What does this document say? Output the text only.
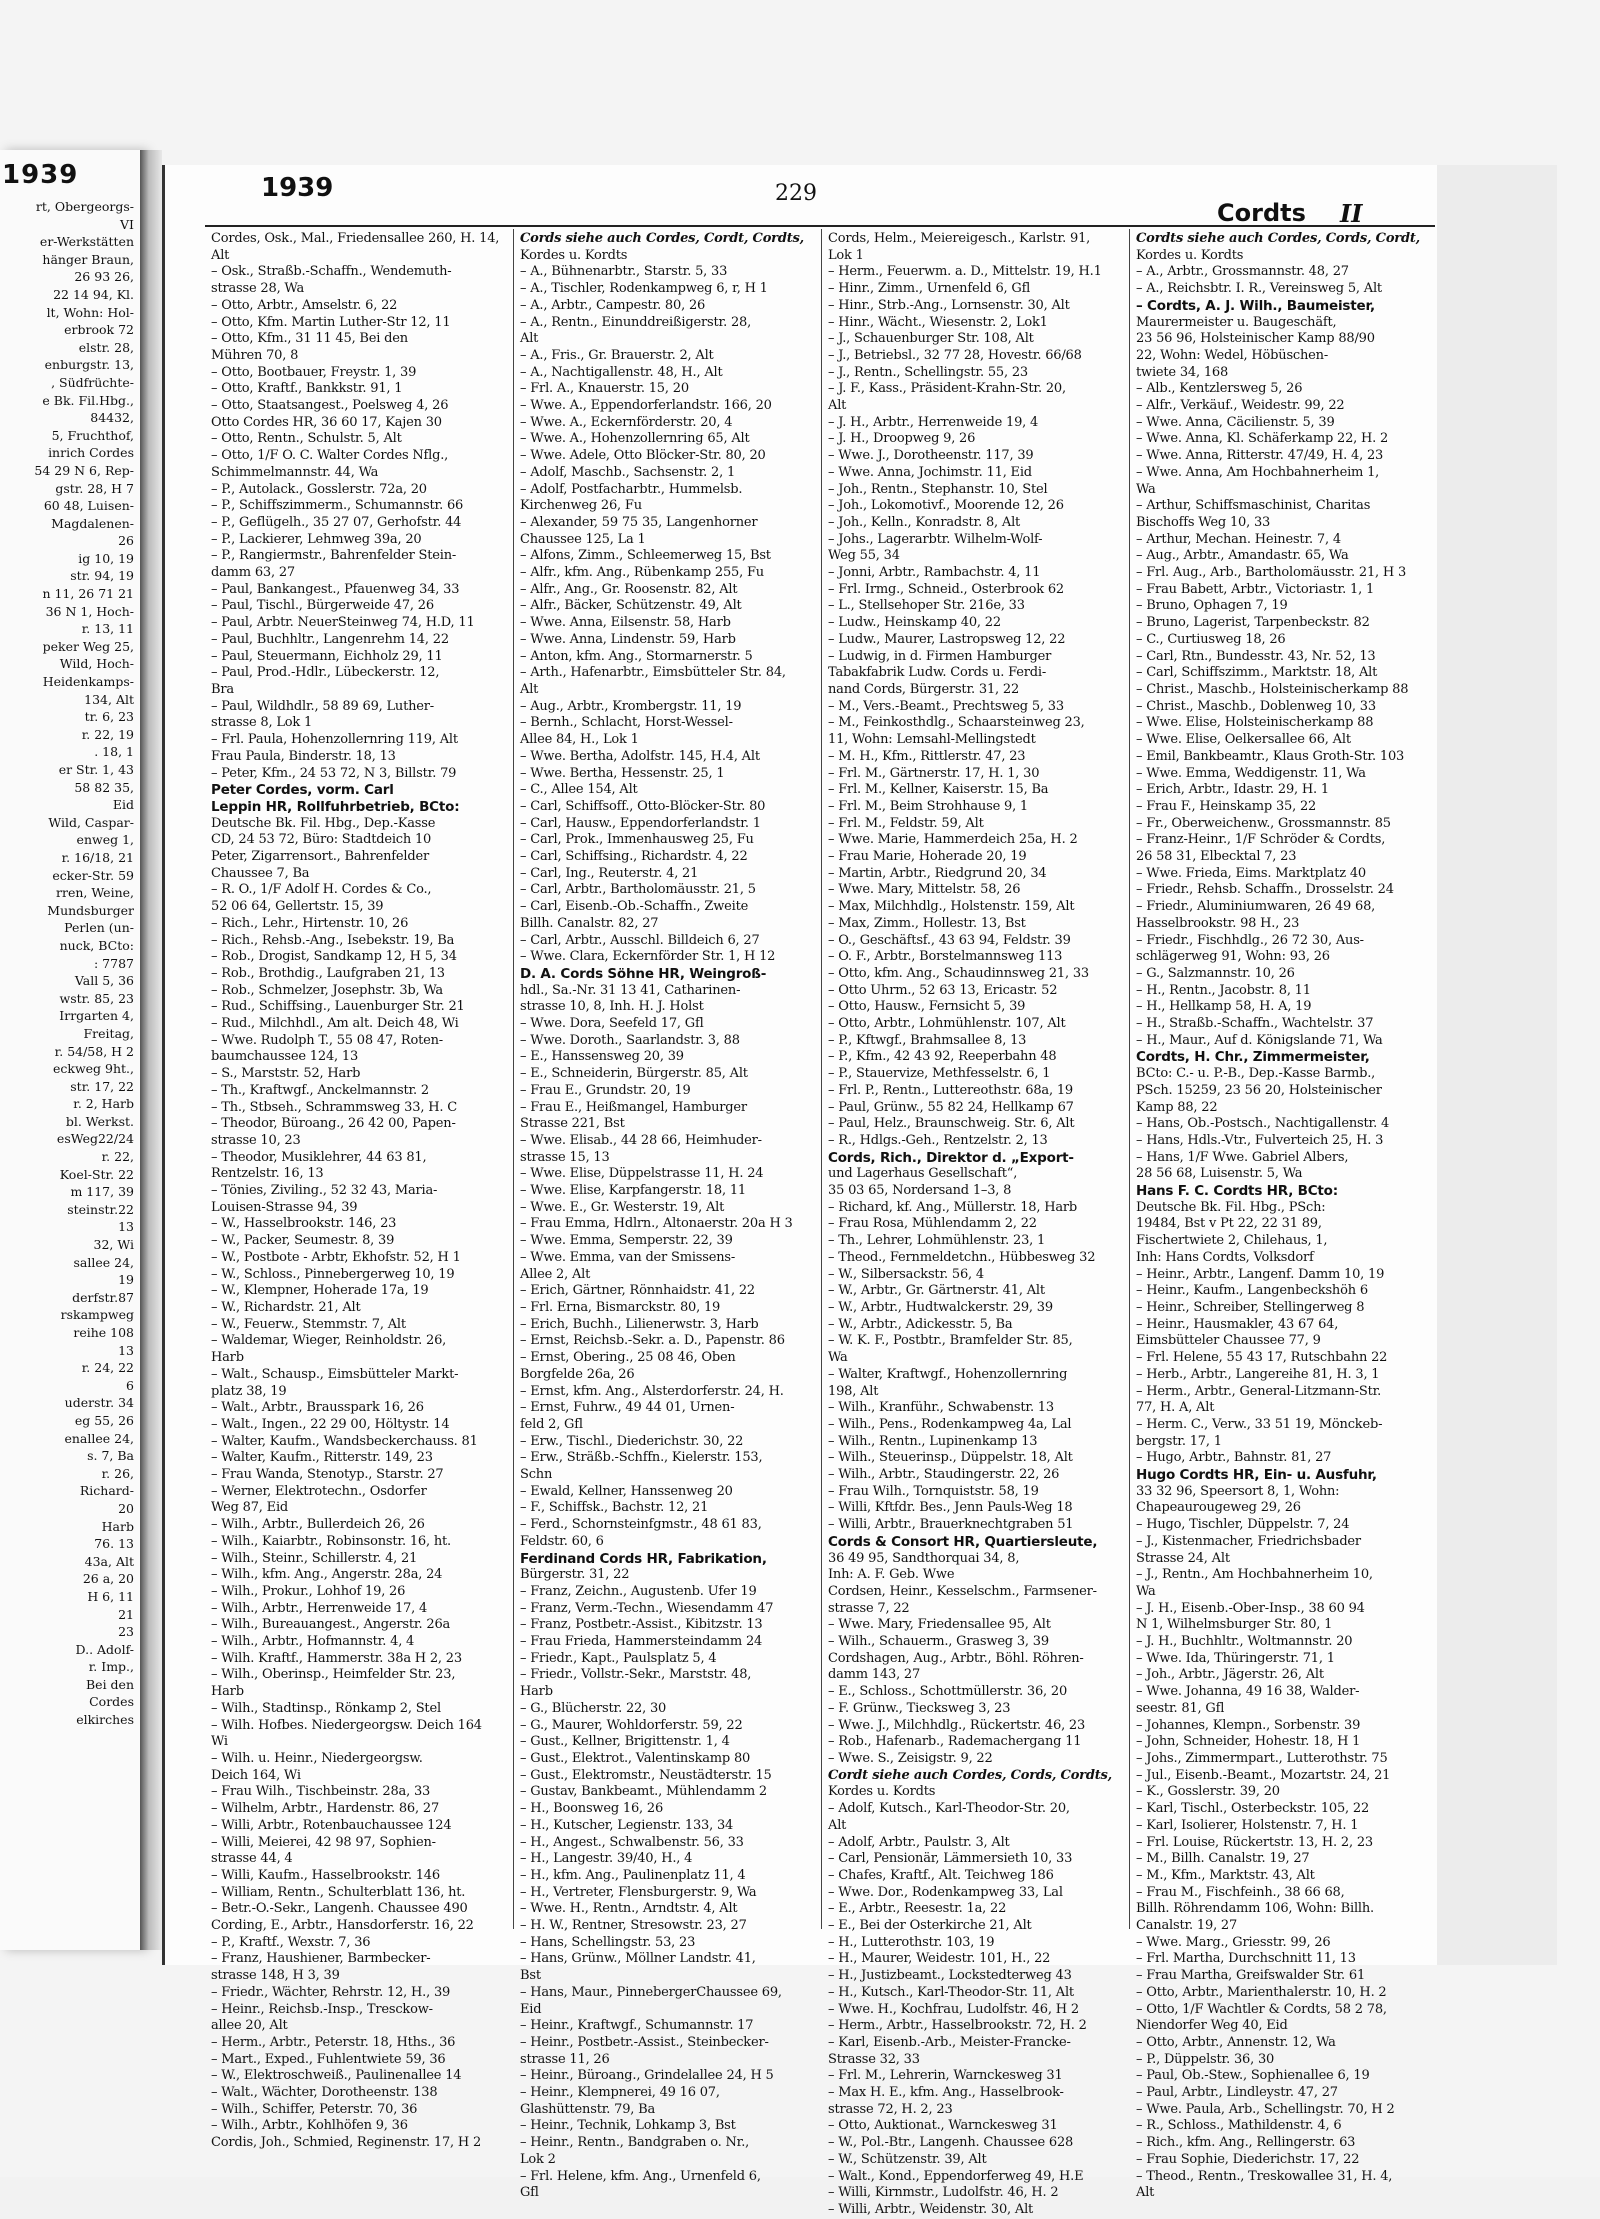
1939
rt, Obergeorgs-
VI
er-Werkstätten
hänger Braun,
26 93 26,
22 14 94, Kl.
lt, Wohn: Hol-
erbrook 72
elstr. 28,
enburgstr. 13,
, Südfrüchte-
e Bk. Fil.Hbg.,
84432,
5, Fruchthof,
inrich Cordes
54 29 N 6, Rep-
gstr. 28, H 7
60 48, Luisen-
Magdalenen-
26
ig 10, 19
str. 94, 19
n 11, 26 71 21
36 N 1, Hoch-
r. 13, 11
peker Weg 25,
Wild, Hoch-
Heidenkamps-
134, Alt
tr. 6, 23
r. 22, 19
. 18, 1
er Str. 1, 43
58 82 35,
Eid
Wild, Caspar-
enweg 1,
r. 16/18, 21
ecker-Str. 59
rren, Weine,
Mundsburger
Perlen (un-
nuck, BCto:
: 7787
Vall 5, 36
wstr. 85, 23
Irrgarten 4,
Freitag,
r. 54/58, H 2
eckweg 9ht.,
str. 17, 22
r. 2, Harb
bl. Werkst.
esWeg22/24
r. 22,
Koel-Str. 22
m 117, 39
steinstr.22
13
32, Wi
sallee 24,
19
derfstr.87
rskampweg
reihe 108
13
r. 24, 22
6
uderstr. 34
eg 55, 26
enallee 24,
s. 7, Ba
r. 26,
Richard-
20
Harb
76. 13
43a, Alt
26 a, 20
H 6, 11
21
23
D.. Adolf-
r. Imp.,
Bei den
Cordes
elkirches
1939	229
Cordts II
Cordes, Osk., Mal., Friedensallee 260, H. 14,
Alt
– Osk., Straßb.-Schaffn., Wendemuth-
strasse 28, Wa
– Otto, Arbtr., Amselstr. 6, 22
– Otto, Kfm. Martin Luther-Str 12, 11
– Otto, Kfm., 31 11 45, Bei den
Mühren 70, 8
– Otto, Bootbauer, Freystr. 1, 39
– Otto, Kraftf., Bankkstr. 91, 1
– Otto, Staatsangest., Poelsweg 4, 26
Otto Cordes HR, 36 60 17, Kajen 30
– Otto, Rentn., Schulstr. 5, Alt
– Otto, 1/F O. C. Walter Cordes Nflg.,
Schimmelmannstr. 44, Wa
– P., Autolack., Gosslerstr. 72a, 20
– P., Schiffszimmerm., Schumannstr. 66
– P., Geflügelh., 35 27 07, Gerhofstr. 44
– P., Lackierer, Lehmweg 39a, 20
– P., Rangiermstr., Bahrenfelder Stein-
damm 63, 27
– Paul, Bankangest., Pfauenweg 34, 33
– Paul, Tischl., Bürgerweide 47, 26
– Paul, Arbtr. NeuerSteinweg 74, H.D, 11
– Paul, Buchhltr., Langenrehm 14, 22
– Paul, Steuermann, Eichholz 29, 11
– Paul, Prod.-Hdlr., Lübeckerstr. 12,
Bra
– Paul, Wildhdlr., 58 89 69, Luther-
strasse 8, Lok 1
– Frl. Paula, Hohenzollernring 119, Alt
Frau Paula, Binderstr. 18, 13
– Peter, Kfm., 24 53 72, N 3, Billstr. 79
Peter Cordes, vorm. Carl
Leppin HR, Rollfuhrbetrieb, BCto:
Deutsche Bk. Fil. Hbg., Dep.-Kasse
CD, 24 53 72, Büro: Stadtdeich 10
Peter, Zigarrensort., Bahrenfelder
Chaussee 7, Ba
– R. O., 1/F Adolf H. Cordes & Co.,
52 06 64, Gellertstr. 15, 39
– Rich., Lehr., Hirtenstr. 10, 26
– Rich., Rehsb.-Ang., Isebekstr. 19, Ba
– Rob., Drogist, Sandkamp 12, H 5, 34
– Rob., Brothdig., Laufgraben 21, 13
– Rob., Schmelzer, Josephstr. 3b, Wa
– Rud., Schiffsing., Lauenburger Str. 21
– Rud., Milchhdl., Am alt. Deich 48, Wi
– Wwe. Rudolph T., 55 08 47, Roten-
baumchaussee 124, 13
– S., Marststr. 52, Harb
– Th., Kraftwgf., Anckelmannstr. 2
– Th., Stbseh., Schrammsweg 33, H. C
– Theodor, Büroang., 26 42 00, Papen-
strasse 10, 23
– Theodor, Musiklehrer, 44 63 81,
Rentzelstr. 16, 13
– Tönies, Ziviling., 52 32 43, Maria-
Louisen-Strasse 94, 39
– W., Hasselbrookstr. 146, 23
– W., Packer, Seumestr. 8, 39
– W., Postbote - Arbtr, Ekhofstr. 52, H 1
– W., Schloss., Pinnebergerweg 10, 19
– W., Klempner, Hoherade 17a, 19
– W., Richardstr. 21, Alt
– W., Feuerw., Stemmstr. 7, Alt
– Waldemar, Wieger, Reinholdstr. 26,
Harb
– Walt., Schausp., Eimsbütteler Markt-
platz 38, 19
– Walt., Arbtr., Brausspark 16, 26
– Walt., Ingen., 22 29 00, Höltystr. 14
– Walter, Kaufm., Wandsbeckerchauss. 81
– Walter, Kaufm., Ritterstr. 149, 23
– Frau Wanda, Stenotyp., Starstr. 27
– Werner, Elektrotechn., Osdorfer
Weg 87, Eid
– Wilh., Arbtr., Bullerdeich 26, 26
– Wilh., Kaiarbtr., Robinsonstr. 16, ht.
– Wilh., Steinr., Schillerstr. 4, 21
– Wilh., kfm. Ang., Angerstr. 28a, 24
– Wilh., Prokur., Lohhof 19, 26
– Wilh., Arbtr., Herrenweide 17, 4
– Wilh., Bureauangest., Angerstr. 26a
– Wilh., Arbtr., Hofmannstr. 4, 4
– Wilh. Kraftf., Hammerstr. 38a H 2, 23
– Wilh., Oberinsp., Heimfelder Str. 23,
Harb
– Wilh., Stadtinsp., Rönkamp 2, Stel
– Wilh. Hofbes. Niedergeorgsw. Deich 164
Wi
– Wilh. u. Heinr., Niedergeorgsw.
Deich 164, Wi
– Frau Wilh., Tischbeinstr. 28a, 33
– Wilhelm, Arbtr., Hardenstr. 86, 27
– Willi, Arbtr., Rotenbauchaussee 124
– Willi, Meierei, 42 98 97, Sophien-
strasse 44, 4
– Willi, Kaufm., Hasselbrookstr. 146
– William, Rentn., Schulterblatt 136, ht.
– Betr.-O.-Sekr., Langenh. Chaussee 490
Cording, E., Arbtr., Hansdorferstr. 16, 22
– P., Kraftf., Wexstr. 7, 36
– Franz, Haushiener, Barmbecker-
strasse 148, H 3, 39
– Friedr., Wächter, Rehrstr. 12, H., 39
– Heinr., Reichsb.-Insp., Tresckow-
allee 20, Alt
– Herm., Arbtr., Peterstr. 18, Hths., 36
– Mart., Exped., Fuhlentwiete 59, 36
– W., Elektroschweiß., Paulinenallee 14
– Walt., Wächter, Dorotheenstr. 138
– Wilh., Schiffer, Peterstr. 70, 36
– Wilh., Arbtr., Kohlhöfen 9, 36
Cordis, Joh., Schmied, Reginenstr. 17, H 2
Cords siehe auch Cordes, Cordt, Cordts,
Kordes u. Kordts
– A., Bühnenarbtr., Starstr. 5, 33
– A., Tischler, Rodenkampweg 6, r, H 1
– A., Arbtr., Campestr. 80, 26
– A., Rentn., Einunddreißigerstr. 28,
Alt
– A., Fris., Gr. Brauerstr. 2, Alt
– A., Nachtigallenstr. 48, H., Alt
– Frl. A., Knauerstr. 15, 20
– Wwe. A., Eppendorferlandstr. 166, 20
– Wwe. A., Eckernförderstr. 20, 4
– Wwe. A., Hohenzollernring 65, Alt
– Wwe. Adele, Otto Blöcker-Str. 80, 20
– Adolf, Maschb., Sachsenstr. 2, 1
– Adolf, Postfacharbtr., Hummelsb.
Kirchenweg 26, Fu
– Alexander, 59 75 35, Langenhorner
Chaussee 125, La 1
– Alfons, Zimm., Schleemerweg 15, Bst
– Alfr., kfm. Ang., Rübenkamp 255, Fu
– Alfr., Ang., Gr. Roosenstr. 82, Alt
– Alfr., Bäcker, Schützenstr. 49, Alt
– Wwe. Anna, Eilsenstr. 58, Harb
– Wwe. Anna, Lindenstr. 59, Harb
– Anton, kfm. Ang., Stormarnerstr. 5
– Arth., Hafenarbtr., Eimsbütteler Str. 84,
Alt
– Aug., Arbtr., Krombergstr. 11, 19
– Bernh., Schlacht, Horst-Wessel-
Allee 84, H., Lok 1
– Wwe. Bertha, Adolfstr. 145, H.4, Alt
– Wwe. Bertha, Hessenstr. 25, 1
– C., Allee 154, Alt
– Carl, Schiffsoff., Otto-Blöcker-Str. 80
– Carl, Hausw., Eppendorferlandstr. 1
– Carl, Prok., Immenhausweg 25, Fu
– Carl, Schiffsing., Richardstr. 4, 22
– Carl, Ing., Reuterstr. 4, 21
– Carl, Arbtr., Bartholomäusstr. 21, 5
– Carl, Eisenb.-Ob.-Schaffn., Zweite
Billh. Canalstr. 82, 27
– Carl, Arbtr., Ausschl. Billdeich 6, 27
– Wwe. Clara, Eckernförder Str. 1, H 12
D. A. Cords Söhne HR, Weingroß-
hdl., Sa.-Nr. 31 13 41, Catharinen-
strasse 10, 8, Inh. H. J. Holst
– Wwe. Dora, Seefeld 17, Gfl
– Wwe. Doroth., Saarlandstr. 3, 88
– E., Hanssensweg 20, 39
– E., Schneiderin, Bürgerstr. 85, Alt
– Frau E., Grundstr. 20, 19
– Frau E., Heißmangel, Hamburger
Strasse 221, Bst
– Wwe. Elisab., 44 28 66, Heimhuder-
strasse 15, 13
– Wwe. Elise, Düppelstrasse 11, H. 24
– Wwe. Elise, Karpfangerstr. 18, 11
– Wwe. E., Gr. Westerstr. 19, Alt
– Frau Emma, Hdlrn., Altonaerstr. 20a H 3
– Wwe. Emma, Semperstr. 22, 39
– Wwe. Emma, van der Smissens-
Allee 2, Alt
– Erich, Gärtner, Rönnhaidstr. 41, 22
– Frl. Erna, Bismarckstr. 80, 19
– Erich, Buchh., Lilienerwstr. 3, Harb
– Ernst, Reichsb.-Sekr. a. D., Papenstr. 86
– Ernst, Obering., 25 08 46, Oben
Borgfelde 26a, 26
– Ernst, kfm. Ang., Alsterdorferstr. 24, H.
– Ernst, Fuhrw., 49 44 01, Urnen-
feld 2, Gfl
– Erw., Tischl., Diederichstr. 30, 22
– Erw., Sträßb.-Schffn., Kielerstr. 153,
Schn
– Ewald, Kellner, Hanssenweg 20
– F., Schiffsk., Bachstr. 12, 21
– Ferd., Schornsteinfgmstr., 48 61 83,
Feldstr. 60, 6
Ferdinand Cords HR, Fabrikation,
Bürgerstr. 31, 22
– Franz, Zeichn., Augustenb. Ufer 19
– Franz, Verm.-Techn., Wiesendamm 47
– Franz, Postbetr.-Assist., Kibitzstr. 13
– Frau Frieda, Hammersteindamm 24
– Friedr., Kapt., Paulsplatz 5, 4
– Friedr., Vollstr.-Sekr., Marststr. 48,
Harb
– G., Blücherstr. 22, 30
– G., Maurer, Wohldorferstr. 59, 22
– Gust., Kellner, Brigittenstr. 1, 4
– Gust., Elektrot., Valentinskamp 80
– Gust., Elektromstr., Neustädterstr. 15
– Gustav, Bankbeamt., Mühlendamm 2
– H., Boonsweg 16, 26
– H., Kutscher, Legienstr. 133, 34
– H., Angest., Schwalbenstr. 56, 33
– H., Langestr. 39/40, H., 4
– H., kfm. Ang., Paulinenplatz 11, 4
– H., Vertreter, Flensburgerstr. 9, Wa
– Wwe. H., Rentn., Arndtstr. 4, Alt
– H. W., Rentner, Stresowstr. 23, 27
– Hans, Schellingstr. 53, 23
– Hans, Grünw., Möllner Landstr. 41,
Bst
– Hans, Maur., PinnebergerChaussee 69,
Eid
– Heinr., Kraftwgf., Schumannstr. 17
– Heinr., Postbetr.-Assist., Steinbecker-
strasse 11, 26
– Heinr., Büroang., Grindelallee 24, H 5
– Heinr., Klempnerei, 49 16 07,
Glashüttenstr. 79, Ba
– Heinr., Technik, Lohkamp 3, Bst
– Heinr., Rentn., Bandgraben o. Nr.,
Lok 2
– Frl. Helene, kfm. Ang., Urnenfeld 6,
Gfl
Cords, Helm., Meiereigesch., Karlstr. 91,
Lok 1
– Herm., Feuerwm. a. D., Mittelstr. 19, H.1
– Hinr., Zimm., Urnenfeld 6, Gfl
– Hinr., Strb.-Ang., Lornsenstr. 30, Alt
– Hinr., Wächt., Wiesenstr. 2, Lok1
– J., Schauenburger Str. 108, Alt
– J., Betriebsl., 32 77 28, Hovestr. 66/68
– J., Rentn., Schellingstr. 55, 23
– J. F., Kass., Präsident-Krahn-Str. 20,
Alt
– J. H., Arbtr., Herrenweide 19, 4
– J. H., Droopweg 9, 26
– Wwe. J., Dorotheenstr. 117, 39
– Wwe. Anna, Jochimstr. 11, Eid
– Joh., Rentn., Stephanstr. 10, Stel
– Joh., Lokomotivf., Moorende 12, 26
– Joh., Kelln., Konradstr. 8, Alt
– Johs., Lagerarbtr. Wilhelm-Wolf-
Weg 55, 34
– Jonni, Arbtr., Rambachstr. 4, 11
– Frl. Irmg., Schneid., Osterbrook 62
– L., Stellsehoper Str. 216e, 33
– Ludw., Heinskamp 40, 22
– Ludw., Maurer, Lastropsweg 12, 22
– Ludwig, in d. Firmen Hamburger
Tabakfabrik Ludw. Cords u. Ferdi-
nand Cords, Bürgerstr. 31, 22
– M., Vers.-Beamt., Prechtsweg 5, 33
– M., Feinkosthdlg., Schaarsteinweg 23,
11, Wohn: Lemsahl-Mellingstedt
– M. H., Kfm., Rittlerstr. 47, 23
– Frl. M., Gärtnerstr. 17, H. 1, 30
– Frl. M., Kellner, Kaiserstr. 15, Ba
– Frl. M., Beim Strohhause 9, 1
– Frl. M., Feldstr. 59, Alt
– Wwe. Marie, Hammerdeich 25a, H. 2
– Frau Marie, Hoherade 20, 19
– Martin, Arbtr., Riedgrund 20, 34
– Wwe. Mary, Mittelstr. 58, 26
– Max, Milchhdlg., Holstenstr. 159, Alt
– Max, Zimm., Hollestr. 13, Bst
– O., Geschäftsf., 43 63 94, Feldstr. 39
– O. F., Arbtr., Borstelmannsweg 113
– Otto, kfm. Ang., Schaudinnsweg 21, 33
– Otto Uhrm., 52 63 13, Ericastr. 52
– Otto, Hausw., Fernsicht 5, 39
– Otto, Arbtr., Lohmühlenstr. 107, Alt
– P., Kftwgf., Brahmsallee 8, 13
– P., Kfm., 42 43 92, Reeperbahn 48
– P., Stauervize, Methfesselstr. 6, 1
– Frl. P., Rentn., Luttereothstr. 68a, 19
– Paul, Grünw., 55 82 24, Hellkamp 67
– Paul, Helz., Braunschweig. Str. 6, Alt
– R., Hdlgs.-Geh., Rentzelstr. 2, 13
Cords, Rich., Direktor d. „Export-
und Lagerhaus Gesellschaft“,
35 03 65, Nordersand 1–3, 8
– Richard, kf. Ang., Müllerstr. 18, Harb
– Frau Rosa, Mühlendamm 2, 22
– Th., Lehrer, Lohmühlenstr. 23, 1
– Theod., Fernmeldetchn., Hübbesweg 32
– W., Silbersackstr. 56, 4
– W., Arbtr., Gr. Gärtnerstr. 41, Alt
– W., Arbtr., Hudtwalckerstr. 29, 39
– W., Arbtr., Adickesstr. 5, Ba
– W. K. F., Postbtr., Bramfelder Str. 85,
Wa
– Walter, Kraftwgf., Hohenzollernring
198, Alt
– Wilh., Kranführ., Schwabenstr. 13
– Wilh., Pens., Rodenkampweg 4a, Lal
– Wilh., Rentn., Lupinenkamp 13
– Wilh., Steuerinsp., Düppelstr. 18, Alt
– Wilh., Arbtr., Staudingerstr. 22, 26
– Frau Wilh., Tornquiststr. 58, 19
– Willi, Kftfdr. Bes., Jenn Pauls-Weg 18
– Willi, Arbtr., Brauerknechtgraben 51
Cords & Consort HR, Quartiersleute,
36 49 95, Sandthorquai 34, 8,
Inh: A. F. Geb. Wwe
Cordsen, Heinr., Kesselschm., Farmsener-
strasse 7, 22
– Wwe. Mary, Friedensallee 95, Alt
– Wilh., Schauerm., Grasweg 3, 39
Cordshagen, Aug., Arbtr., Böhl. Röhren-
damm 143, 27
– E., Schloss., Schottmüllerstr. 36, 20
– F. Grünw., Tiecksweg 3, 23
– Wwe. J., Milchhdlg., Rückertstr. 46, 23
– Rob., Hafenarb., Rademachergang 11
– Wwe. S., Zeisigstr. 9, 22
Cordt siehe auch Cordes, Cords, Cordts,
Kordes u. Kordts
– Adolf, Kutsch., Karl-Theodor-Str. 20,
Alt
– Adolf, Arbtr., Paulstr. 3, Alt
– Carl, Pensionär, Lämmersieth 10, 33
– Chafes, Kraftf., Alt. Teichweg 186
– Wwe. Dor., Rodenkampweg 33, Lal
– E., Arbtr., Reesestr. 1a, 22
– E., Bei der Osterkirche 21, Alt
– H., Lutterothstr. 103, 19
– H., Maurer, Weidestr. 101, H., 22
– H., Justizbeamt., Lockstedterweg 43
– H., Kutsch., Karl-Theodor-Str. 11, Alt
– Wwe. H., Kochfrau, Ludolfstr. 46, H 2
– Herm., Arbtr., Hasselbrookstr. 72, H. 2
– Karl, Eisenb.-Arb., Meister-Francke-
Strasse 32, 33
– Frl. M., Lehrerin, Warnckesweg 31
– Max H. E., kfm. Ang., Hasselbrook-
strasse 72, H. 2, 23
– Otto, Auktionat., Warnckesweg 31
– W., Pol.-Btr., Langenh. Chaussee 628
– W., Schützenstr. 39, Alt
– Walt., Kond., Eppendorferweg 49, H.E
– Willi, Kirnmstr., Ludolfstr. 46, H. 2
– Willi, Arbtr., Weidenstr. 30, Alt
Cordts siehe auch Cordes, Cords, Cordt,
Kordes u. Kordts
– A., Arbtr., Grossmannstr. 48, 27
– A., Reichsbtr. I. R., Vereinsweg 5, Alt
– Cordts, A. J. Wilh., Baumeister,
Maurermeister u. Baugeschäft,
23 56 96, Holsteinischer Kamp 88/90
22, Wohn: Wedel, Höbüschen-
twiete 34, 168
– Alb., Kentzlersweg 5, 26
– Alfr., Verkäuf., Weidestr. 99, 22
– Wwe. Anna, Cäcilienstr. 5, 39
– Wwe. Anna, Kl. Schäferkamp 22, H. 2
– Wwe. Anna, Ritterstr. 47/49, H. 4, 23
– Wwe. Anna, Am Hochbahnerheim 1,
Wa
– Arthur, Schiffsmaschinist, Charitas
Bischoffs Weg 10, 33
– Arthur, Mechan. Heinestr. 7, 4
– Aug., Arbtr., Amandastr. 65, Wa
– Frl. Aug., Arb., Bartholomäusstr. 21, H 3
– Frau Babett, Arbtr., Victoriastr. 1, 1
– Bruno, Ophagen 7, 19
– Bruno, Lagerist, Tarpenbeckstr. 82
– C., Curtiusweg 18, 26
– Carl, Rtn., Bundesstr. 43, Nr. 52, 13
– Carl, Schiffszimm., Marktstr. 18, Alt
– Christ., Maschb., Holsteinischerkamp 88
– Christ., Maschb., Doblenweg 10, 33
– Wwe. Elise, Holsteinischerkamp 88
– Wwe. Elise, Oelkersallee 66, Alt
– Emil, Bankbeamtr., Klaus Groth-Str. 103
– Wwe. Emma, Weddigenstr. 11, Wa
– Erich, Arbtr., Idastr. 29, H. 1
– Frau F., Heinskamp 35, 22
– Fr., Oberweichenw., Grossmannstr. 85
– Franz-Heinr., 1/F Schröder & Cordts,
26 58 31, Elbecktal 7, 23
– Wwe. Frieda, Eims. Marktplatz 40
– Friedr., Rehsb. Schaffn., Drosselstr. 24
– Friedr., Aluminiumwaren, 26 49 68,
Hasselbrookstr. 98 H., 23
– Friedr., Fischhdlg., 26 72 30, Aus-
schlägerweg 91, Wohn: 93, 26
– G., Salzmannstr. 10, 26
– H., Rentn., Jacobstr. 8, 11
– H., Hellkamp 58, H. A, 19
– H., Straßb.-Schaffn., Wachtelstr. 37
– H., Maur., Auf d. Königslande 71, Wa
Cordts, H. Chr., Zimmermeister,
BCto: C.- u. P.-B., Dep.-Kasse Barmb.,
PSch. 15259, 23 56 20, Holsteinischer
Kamp 88, 22
– Hans, Ob.-Postsch., Nachtigallenstr. 4
– Hans, Hdls.-Vtr., Fulverteich 25, H. 3
– Hans, 1/F Wwe. Gabriel Albers,
28 56 68, Luisenstr. 5, Wa
Hans F. C. Cordts HR, BCto:
Deutsche Bk. Fil. Hbg., PSch:
19484, Bst v Pt 22, 22 31 89,
Fischertwiete 2, Chilehaus, 1,
Inh: Hans Cordts, Volksdorf
– Heinr., Arbtr., Langenf. Damm 10, 19
– Heinr., Kaufm., Langenbeckshöh 6
– Heinr., Schreiber, Stellingerweg 8
– Heinr., Hausmakler, 43 67 64,
Eimsbütteler Chaussee 77, 9
– Frl. Helene, 55 43 17, Rutschbahn 22
– Herb., Arbtr., Langereihe 81, H. 3, 1
– Herm., Arbtr., General-Litzmann-Str.
77, H. A, Alt
– Herm. C., Verw., 33 51 19, Mönckeb-
bergstr. 17, 1
– Hugo, Arbtr., Bahnstr. 81, 27
Hugo Cordts HR, Ein- u. Ausfuhr,
33 32 96, Speersort 8, 1, Wohn:
Chapeaurougeweg 29, 26
– Hugo, Tischler, Düppelstr. 7, 24
– J., Kistenmacher, Friedrichsbader
Strasse 24, Alt
– J., Rentn., Am Hochbahnerheim 10,
Wa
– J. H., Eisenb.-Ober-Insp., 38 60 94
N 1, Wilhelmsburger Str. 80, 1
– J. H., Buchhltr., Woltmannstr. 20
– Wwe. Ida, Thüringerstr. 71, 1
– Joh., Arbtr., Jägerstr. 26, Alt
– Wwe. Johanna, 49 16 38, Walder-
seestr. 81, Gfl
– Johannes, Klempn., Sorbenstr. 39
– John, Schneider, Hohestr. 18, H 1
– Johs., Zimmermpart., Lutterothstr. 75
– Jul., Eisenb.-Beamt., Mozartstr. 24, 21
– K., Gosslerstr. 39, 20
– Karl, Tischl., Osterbeckstr. 105, 22
– Karl, Isolierer, Holstenstr. 7, H. 1
– Frl. Louise, Rückertstr. 13, H. 2, 23
– M., Billh. Canalstr. 19, 27
– M., Kfm., Marktstr. 43, Alt
– Frau M., Fischfeinh., 38 66 68,
Billh. Röhrendamm 106, Wohn: Billh.
Canalstr. 19, 27
– Wwe. Marg., Griesstr. 99, 26
– Frl. Martha, Durchschnitt 11, 13
– Frau Martha, Greifswalder Str. 61
– Otto, Arbtr., Marienthalerstr. 10, H. 2
– Otto, 1/F Wachtler & Cordts, 58 2 78,
Niendorfer Weg 40, Eid
– Otto, Arbtr., Annenstr. 12, Wa
– P., Düppelstr. 36, 30
– Paul, Ob.-Stew., Sophienallee 6, 19
– Paul, Arbtr., Lindleystr. 47, 27
– Wwe. Paula, Arb., Schellingstr. 70, H 2
– R., Schloss., Mathildenstr. 4, 6
– Rich., kfm. Ang., Rellingerstr. 63
– Frau Sophie, Diederichstr. 17, 22
– Theod., Rentn., Treskowallee 31, H. 4,
Alt
